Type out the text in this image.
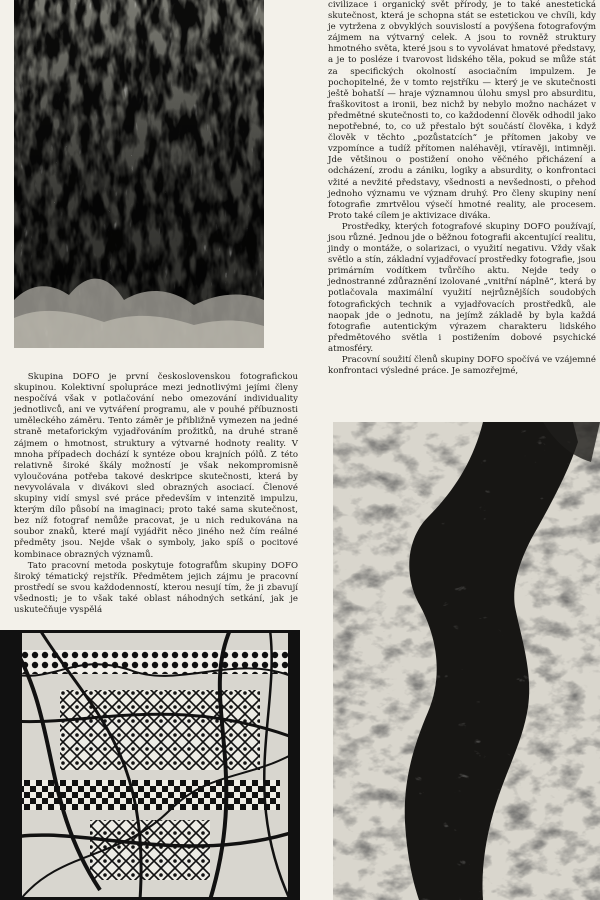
Skupina DOFO je první československou fotografickou skupinou. Kolektivní spolupráce mezi jednotlivými jejími členy nespočívá však v potlačování nebo omezování individuality jednotlivců, ani ve vytváření programu, ale v pouhé příbuznosti uměleckého záměru. Tento záměr je přibližně vymezen na jedné straně metaforickým vyjadřováním prožitků, na druhé straně zájmem o hmotnost, struktury a výtvarné hodnoty reality. V mnoha případech dochází k syntéze obou krajních pólů. Z této relativně široké škály možností je však nekompromisně vyloučována potřeba takové deskripce skutečnosti, která by nevyvolávala v divákovi sled obrazných asociací. Členové skupiny vidí smysl své práce především v intenzitě impulzu, kterým dílo působí na imaginaci; proto také sama skutečnost, bez níž fotograf nemůže pracovat, je u nich redukována na soubor znaků, které mají vyjádřit něco jiného než čím reálné předměty jsou. Nejde však o symboly, jako spíš o pocitové kombinace obrazných významů.

Tato pracovní metoda poskytuje fotografům skupiny DOFO široký tématický rejstřík. Předmětem jejich zájmu je pracovní prostředí se svou každodenností, kterou nesují tím, že ji zbavují všednosti; je to však také oblast náhodných setkání, jak je uskutečňuje vyspělá

civilizace i organický svět přírody, je to také anestetická skutečnost, která je schopna stát se estetickou ve chvíli, kdy je vytržena z obvyklých souvislostí a povýšena fotografovým zájmem na výtvarný celek. A jsou to rovněž struktury hmotného světa, které jsou s to vyvolávat hmatové představy, a je to posléze i tvarovost lidského těla, pokud se může stát za specifických okolností asociačním impulzem. Je pochopitelné, že v tomto rejstříku — který je ve skutečnosti ještě bohatší — hraje významnou úlohu smysl pro absurditu, fraškovitost a ironii, bez nichž by nebylo možno nacházet v předmětné skutečnosti to, co každodenní člověk odhodil jako nepotřebné, to, co už přestalo být součástí člověka, i když člověk v těchto „pozůstatcích“ je přítomen jakoby ve vzpomínce a tudíž přítomen naléhavěji, vtíravěji, intimněji. Jde většinou o postižení onoho věčného přicházení a odcházení, zrodu a zániku, logiky a absurdity, o konfrontaci vžité a nevžité představy, všednosti a nevšednosti, o přehod jednoho významu ve význam druhý. Pro členy skupiny není fotografie zmrtvělou výsečí hmotné reality, ale procesem. Proto také cílem je aktivizace diváka.

Prostředky, kterých fotografové skupiny DOFO používají, jsou různé. Jednou jde o běžnou fotografii akcentující realitu, jindy o montáže, o solarizaci, o využití negativu. Vždy však světlo a stín, základní vyjadřovací prostředky fotografie, jsou primárním vodítkem tvůrčího aktu. Nejde tedy o jednostranné zdůraznění izolované „vnitřní náplně“, která by potlačovala maximální využití nejrůznějších soudobých fotografických technik a vyjadřovacích prostředků, ale naopak jde o jednotu, na jejímž základě by byla každá fotografie autentickým výrazem charakteru lidského předmětového světla i postižením dobové psychické atmosféry.

Pracovní soužití členů skupiny DOFO spočívá ve vzájemné konfrontaci výsledné práce. Je samozřejmé,
